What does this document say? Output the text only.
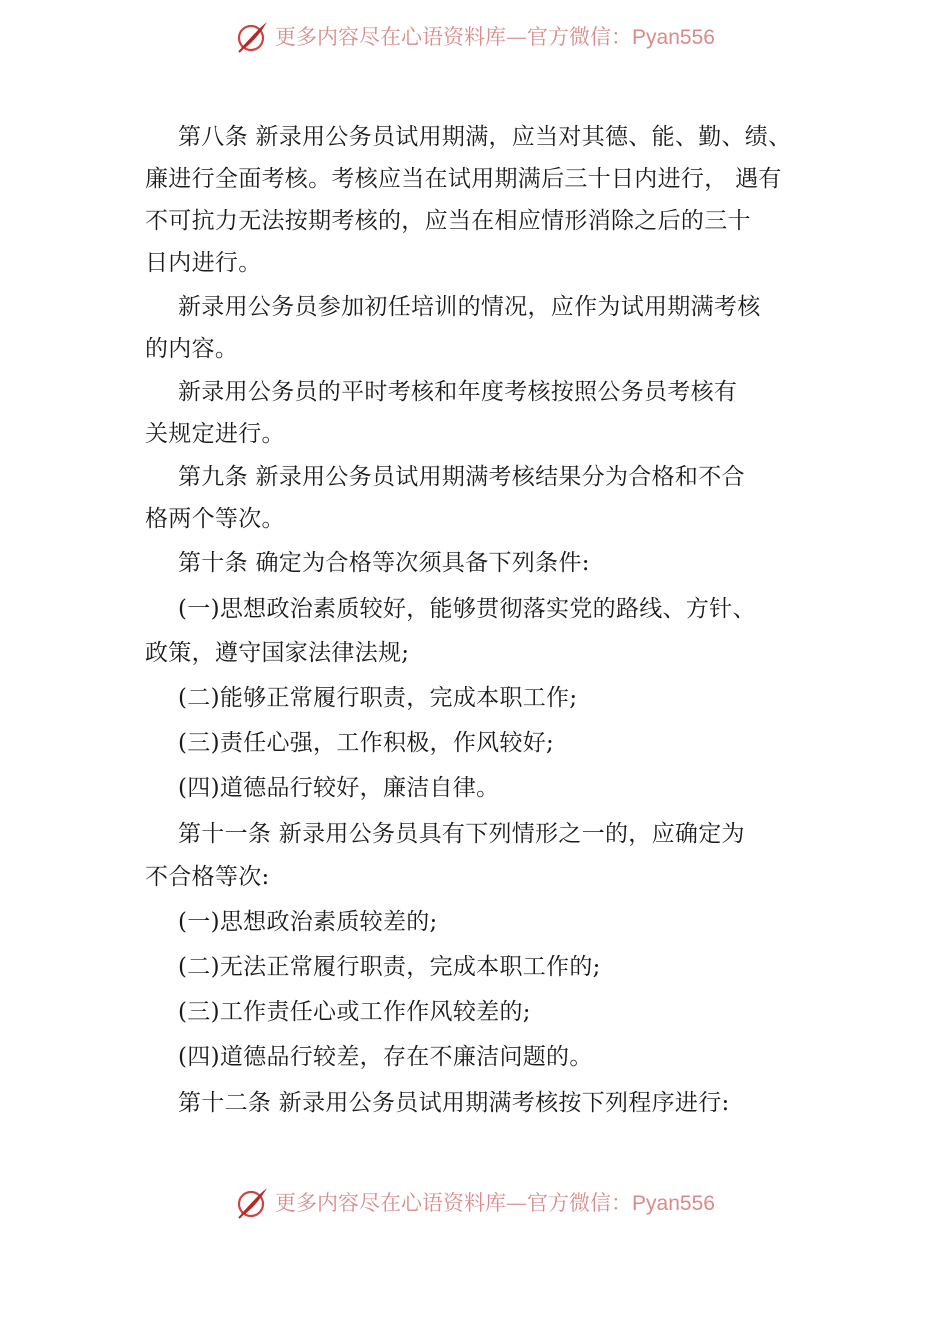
更多内容尽在心语资料库—官方微信：Pyan556
第八条 新录用公务员试用期满，应当对其德、能、勤、绩、
廉进行全面考核。考核应当在试用期满后三十日内进行， 遇有
不可抗力无法按期考核的，应当在相应情形消除之后的三十
日内进行。
新录用公务员参加初任培训的情况，应作为试用期满考核
的内容。
新录用公务员的平时考核和年度考核按照公务员考核有
关规定进行。
第九条 新录用公务员试用期满考核结果分为合格和不合
格两个等次。
第十条 确定为合格等次须具备下列条件:
(一)思想政治素质较好，能够贯彻落实党的路线、方针、
政策，遵守国家法律法规;
(二)能够正常履行职责，完成本职工作;
(三)责任心强，工作积极，作风较好;
(四)道德品行较好，廉洁自律。
第十一条 新录用公务员具有下列情形之一的，应确定为
不合格等次:
(一)思想政治素质较差的;
(二)无法正常履行职责，完成本职工作的;
(三)工作责任心或工作作风较差的;
(四)道德品行较差，存在不廉洁问题的。
第十二条 新录用公务员试用期满考核按下列程序进行:
更多内容尽在心语资料库—官方微信：Pyan556
